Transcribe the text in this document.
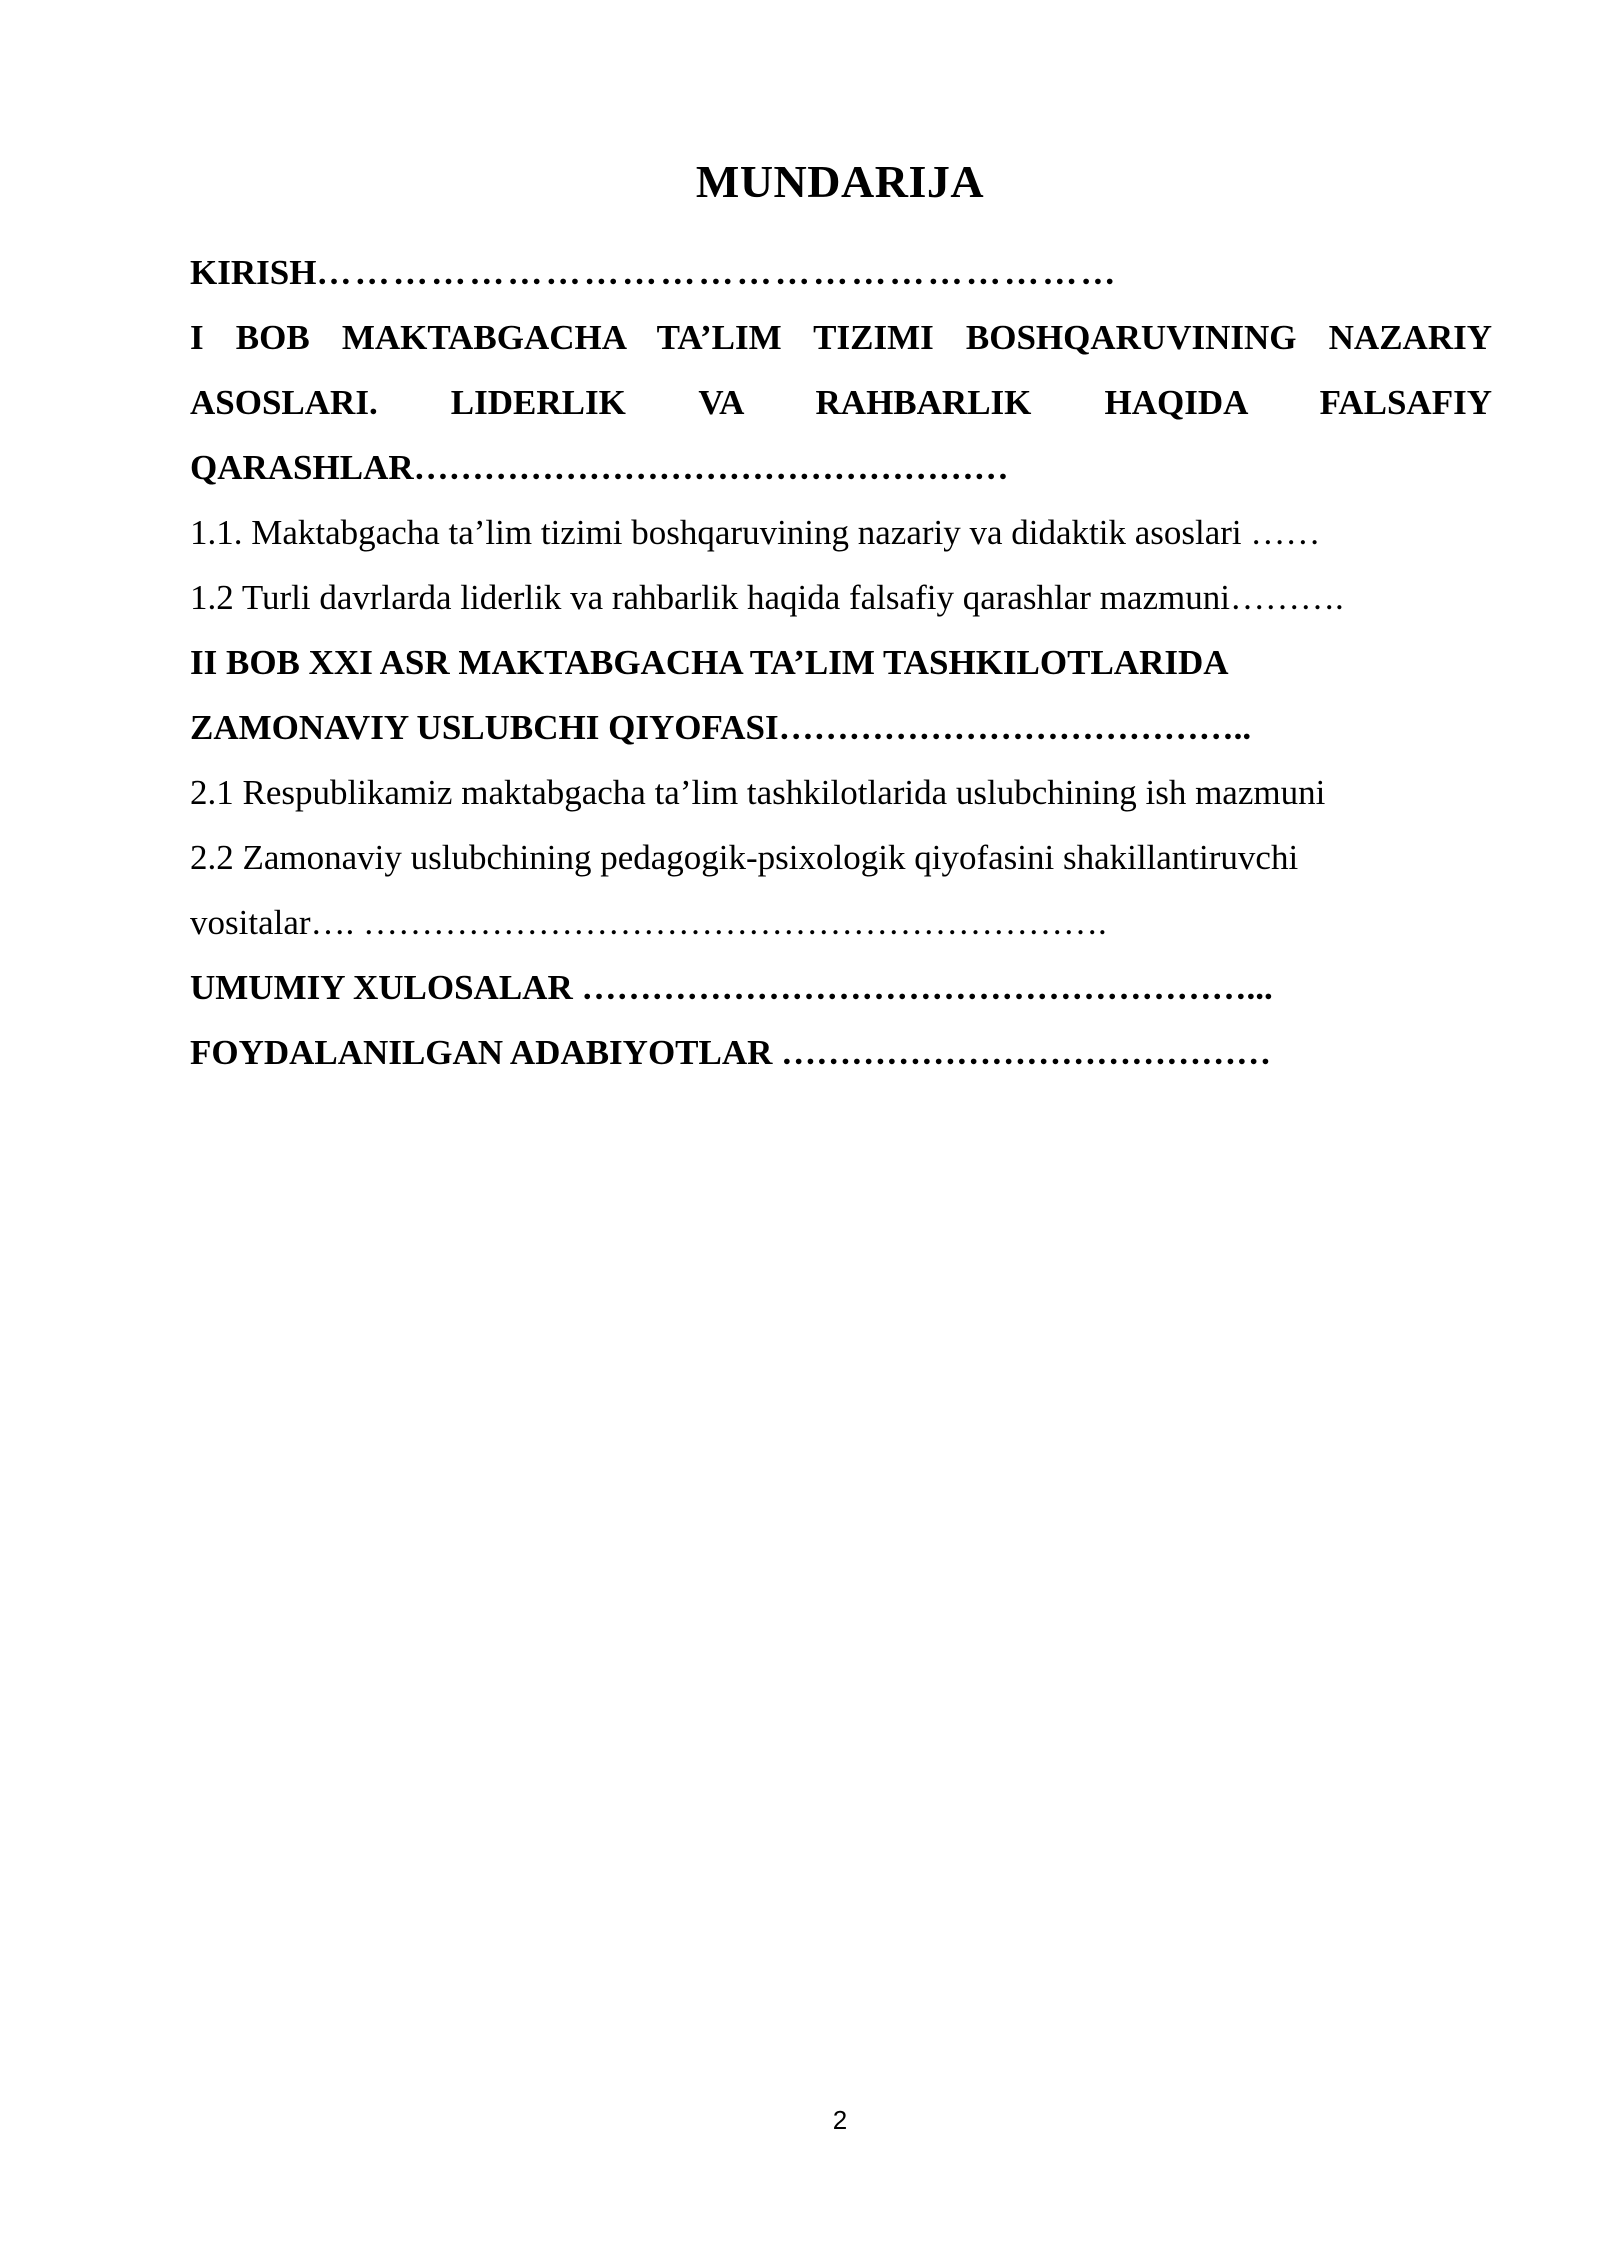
MUNDARIJA
KIRISH………………………………………………………
I BOB MAKTABGACHA TA’LIM TIZIMI BOSHQARUVINING NAZARIY
ASOSLARI. LIDERLIK VA RAHBARLIK HAQIDA FALSAFIY
QARASHLAR……………………………………………
1.1. Maktabgacha ta’lim tizimi boshqaruvining nazariy va didaktik asoslari ……
1.2 Turli davrlarda liderlik va rahbarlik haqida falsafiy qarashlar mazmuni……….
II BOB XXI ASR MAKTABGACHA TA’LIM TASHKILOTLARIDA
ZAMONAVIY USLUBCHI QIYOFASI…………………………………..
2.1 Respublikamiz maktabgacha ta’lim tashkilotlarida uslubchining ish mazmuni
2.2 Zamonaviy uslubchining pedagogik-psixologik qiyofasini shakillantiruvchi
vositalar…. ……………………………………………………….
UMUMIY XULOSALAR …………………………………………………...
FOYDALANILGAN ADABIYOTLAR ……………………………………
2
